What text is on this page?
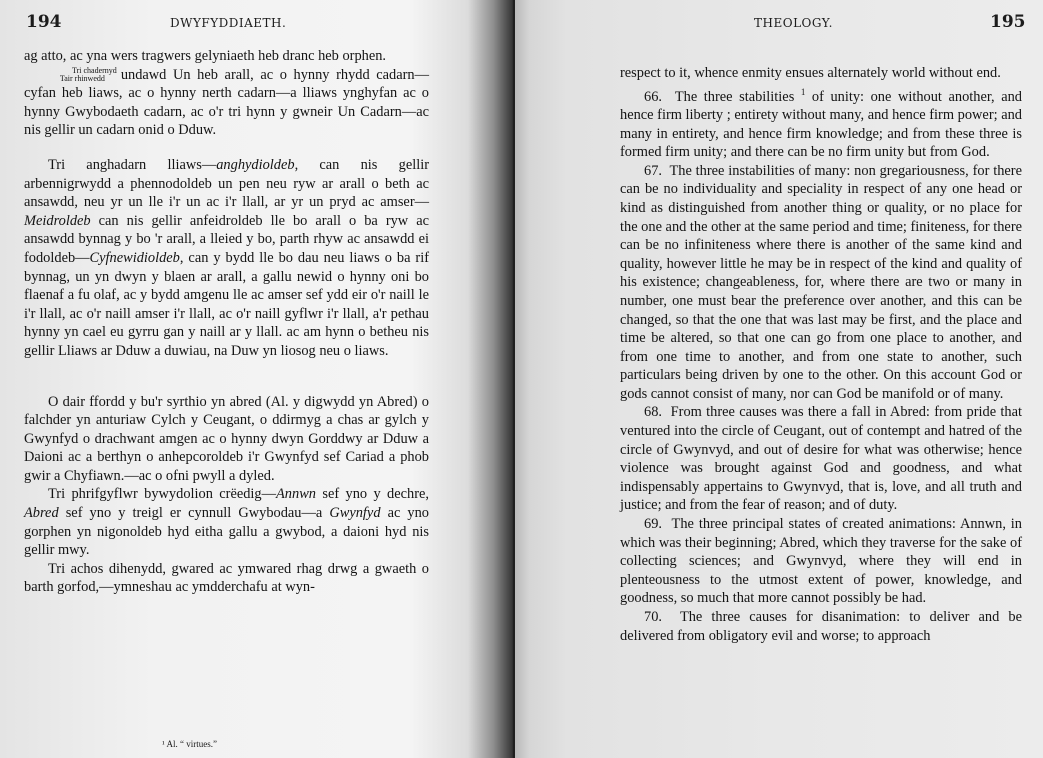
194	DWYFYDDIAETH.

ag atto, ac yna wers tragwers gelyniaeth heb dranc heb orphen.

Tri chadernyd
Tair rhinwedd undawd Un heb arall, ac o hynny rhydd cadarn—cyfan heb liaws, ac o hynny nerth cadarn—a lliaws ynghyfan ac o hynny Gwybodaeth cadarn, ac o'r tri hynn y gwneir Un Cadarn—ac nis gellir un cadarn onid o Dduw.

Tri anghadarn lliaws—anghydioldeb, can nis gellir arbennigrwydd a phennodoldeb un pen neu ryw ar arall o beth ac ansawdd, neu yr un lle i'r un ac i'r llall, ar yr un pryd ac amser—Meidroldeb can nis gellir anfeidroldeb lle bo arall o ba ryw ac ansawdd bynnag y bo 'r arall, a lleied y bo, parth rhyw ac ansawdd ei fodoldeb—Cyfnewidioldeb, can y bydd lle bo dau neu liaws o ba rif bynnag, un yn dwyn y blaen ar arall, a gallu newid o hynny oni bo flaenaf a fu olaf, ac y bydd amgenu lle ac amser sef ydd eir o'r naill le i'r llall, ac o'r naill amser i'r llall, ac o'r naill gyflwr i'r llall, a'r pethau hynny yn cael eu gyrru gan y naill ar y llall. ac am hynn o betheu nis gellir Lliaws ar Dduw a duwiau, na Duw yn liosog neu o liaws.

O dair ffordd y bu'r syrthio yn abred (Al. y digwydd yn Abred) o falchder yn anturiaw Cylch y Ceugant, o ddirmyg a chas ar gylch y Gwynfyd o drachwant amgen ac o hynny dwyn Gorddwy ar Dduw a Daioni ac a berthyn o anhepcoroldeb i'r Gwynfyd sef Cariad a phob gwir a Chyfiawn.—ac o ofni pwyll a dyled.

Tri phrifgyflwr bywydolion crëedig—Annwn sef yno y dechre, Abred sef yno y treigl er cynnull Gwybodau—a Gwynfyd ac yno gorphen yn nigonoldeb hyd eitha gallu a gwybod, a daioni hyd nis gellir mwy.

Tri achos dihenydd, gwared ac ymwared rhag drwg a gwaeth o barth gorfod,—ymneshau ac ymdderchafu at wyn-

¹ Al. “ virtues.”
THEOLOGY.	195

respect to it, whence enmity ensues alternately world without end.

66. The three stabilities $^1$ of unity: one without another, and hence firm liberty ; entirety without many, and hence firm power; and many in entirety, and hence firm knowledge; and from these three is formed firm unity; and there can be no firm unity but from God.

67. The three instabilities of many: non gregariousness, for there can be no individuality and speciality in respect of any one head or kind as distinguished from another thing or quality, or no place for the one and the other at the same period and time; finiteness, for there can be no infiniteness where there is another of the same kind and quality, however little he may be in respect of the kind and quality of his existence; changeableness, for, where there are two or many in number, one must bear the preference over another, and this can be changed, so that the one that was last may be first, and the place and time be altered, so that one can go from one place to another, and from one time to another, and from one state to another, such particulars being driven by one to the other. On this account God or gods cannot consist of many, nor can God be manifold or of many.

68. From three causes was there a fall in Abred: from pride that ventured into the circle of Ceugant, out of contempt and hatred of the circle of Gwynvyd, and out of desire for what was otherwise; hence violence was brought against God and goodness, and what indispensably appertains to Gwynvyd, that is, love, and all truth and justice; and from the fear of reason; and of duty.

69. The three principal states of created animations: Annwn, in which was their beginning; Abred, which they traverse for the sake of collecting sciences; and Gwynvyd, where they will end in plenteousness to the utmost extent of power, knowledge, and goodness, so much that more cannot possibly be had.

70. The three causes for disanimation: to deliver and be delivered from obligatory evil and worse; to approach
